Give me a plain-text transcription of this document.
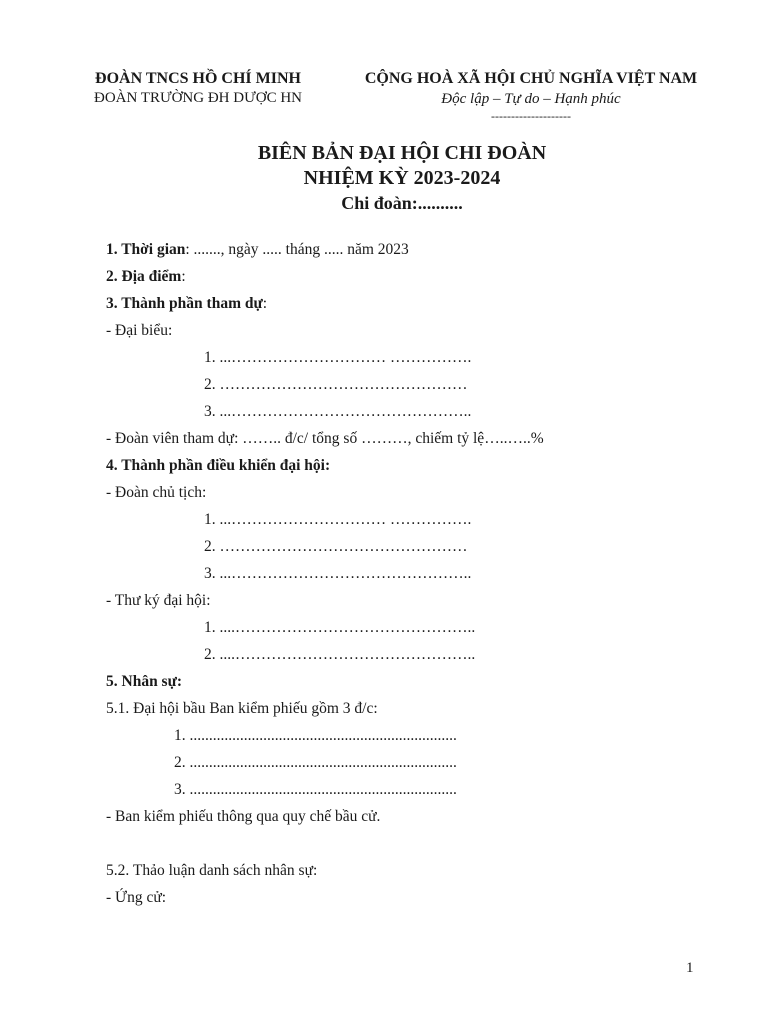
ĐOÀN TNCS HỒ CHÍ MINH
ĐOÀN TRƯỜNG ĐH DƯỢC HN
CỘNG HOÀ XÃ HỘI CHỦ NGHĨA VIỆT NAM
Độc lập – Tự do – Hạnh phúc
--------------------
BIÊN BẢN ĐẠI HỘI CHI ĐOÀN
NHIỆM KỲ 2023-2024
Chi đoàn:..........
1. Thời gian: ......., ngày ..... tháng ..... năm 2023
2. Địa điểm:
3. Thành phần tham dự:
- Đại biểu:
1. ...………………………… …………….
2. …………………………………………
3. ...………………………………………..
- Đoàn viên tham dự: …….. đ/c/ tổng số ………, chiếm tỷ lệ…..…..%
4. Thành phần điều khiển đại hội:
- Đoàn chủ tịch:
1. ...………………………… …………….
2. …………………………………………
3. ...………………………………………..
- Thư ký đại hội:
1. ....………………………………………..
2. ....………………………………………..
5. Nhân sự:
5.1. Đại hội bầu Ban kiểm phiếu gồm 3 đ/c:
1. .....................................................................
2. .....................................................................
3. .....................................................................
- Ban kiểm phiếu thông qua quy chế bầu cử.
5.2. Thảo luận danh sách nhân sự:
- Ứng cử:
1
